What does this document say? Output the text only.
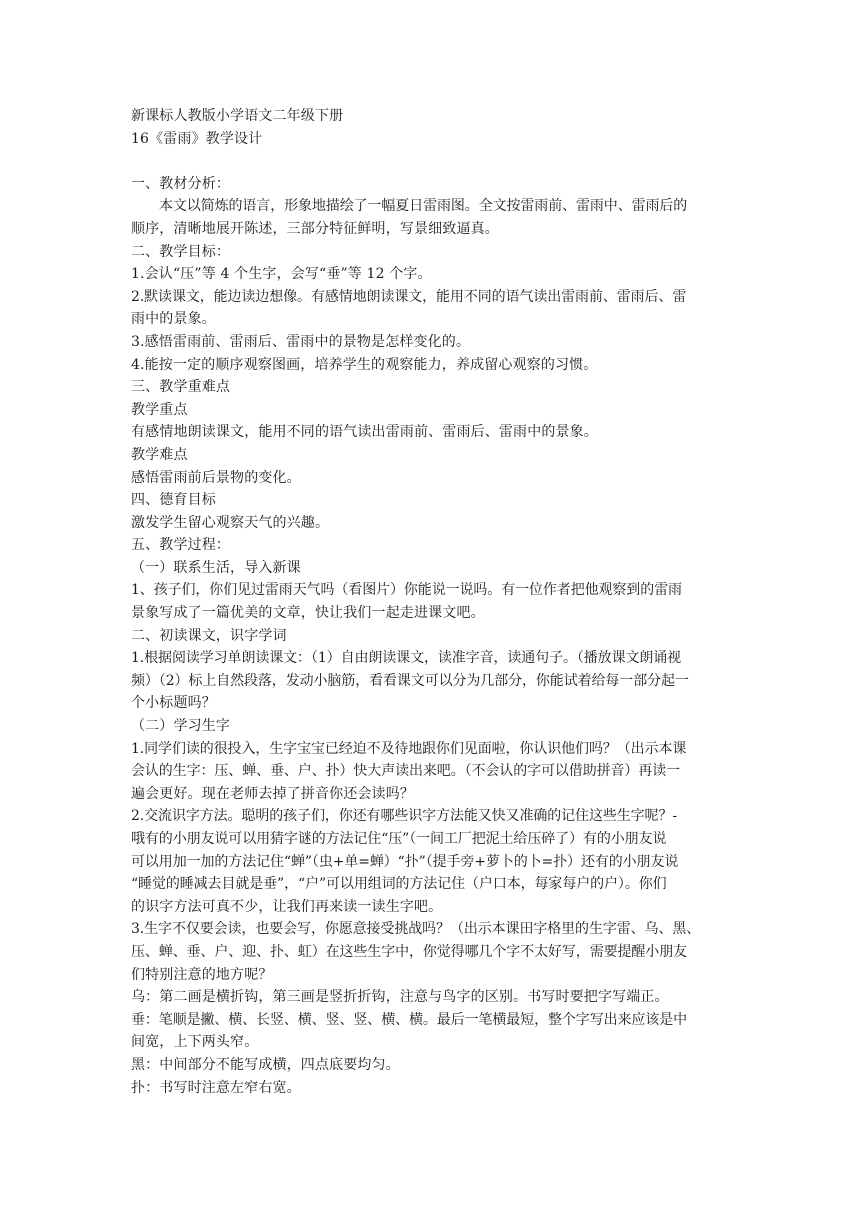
新课标人教版小学语文二年级下册
16《雷雨》教学设计
一、教材分析：
本文以简炼的语言，形象地描绘了一幅夏日雷雨图。全文按雷雨前、雷雨中、雷雨后的
顺序，清晰地展开陈述，三部分特征鲜明，写景细致逼真。
二、教学目标：
1.会认“压”等 4 个生字，会写“垂”等 12 个字。
2.默读课文，能边读边想像。有感情地朗读课文，能用不同的语气读出雷雨前、雷雨后、雷
雨中的景象。
3.感悟雷雨前、雷雨后、雷雨中的景物是怎样变化的。
4.能按一定的顺序观察图画，培养学生的观察能力，养成留心观察的习惯。
三、教学重难点
教学重点
有感情地朗读课文，能用不同的语气读出雷雨前、雷雨后、雷雨中的景象。
教学难点
感悟雷雨前后景物的变化。
四、德育目标
激发学生留心观察天气的兴趣。
五、教学过程：
（一）联系生活，导入新课
1、孩子们，你们见过雷雨天气吗（看图片）你能说一说吗。有一位作者把他观察到的雷雨
景象写成了一篇优美的文章，快让我们一起走进课文吧。
二、初读课文，识字学词
1.根据阅读学习单朗读课文：（1）自由朗读课文，读准字音，读通句子。（播放课文朗诵视
频）（2）标上自然段落，发动小脑筋，看看课文可以分为几部分，你能试着给每一部分起一
个小标题吗？
（二）学习生字
1.同学们读的很投入，生字宝宝已经迫不及待地跟你们见面啦，你认识他们吗？（出示本课
会认的生字：压、蝉、垂、户、扑）快大声读出来吧。（不会认的字可以借助拼音）再读一
遍会更好。现在老师去掉了拼音你还会读吗？
2.交流识字方法。聪明的孩子们，你还有哪些识字方法能又快又准确的记住这些生字呢？-
哦有的小朋友说可以用猜字谜的方法记住“压”（一间工厂把泥土给压碎了）有的小朋友说
可以用加一加的方法记住“蝉”（虫+单=蝉）“扑”（提手旁+萝卜的卜=扑）还有的小朋友说
“睡觉的睡减去目就是垂”，“户”可以用组词的方法记住（户口本，每家每户的户）。你们
的识字方法可真不少，让我们再来读一读生字吧。
3.生字不仅要会读，也要会写，你愿意接受挑战吗？（出示本课田字格里的生字雷、乌、黑、
压、蝉、垂、户、迎、扑、虹）在这些生字中，你觉得哪几个字不太好写，需要提醒小朋友
们特别注意的地方呢？
乌：第二画是横折钩，第三画是竖折折钩，注意与鸟字的区别。书写时要把字写端正。
垂：笔顺是撇、横、长竖、横、竖、竖、横、横。最后一笔横最短，整个字写出来应该是中
间宽，上下两头窄。
黑：中间部分不能写成横，四点底要均匀。
扑：书写时注意左窄右宽。
